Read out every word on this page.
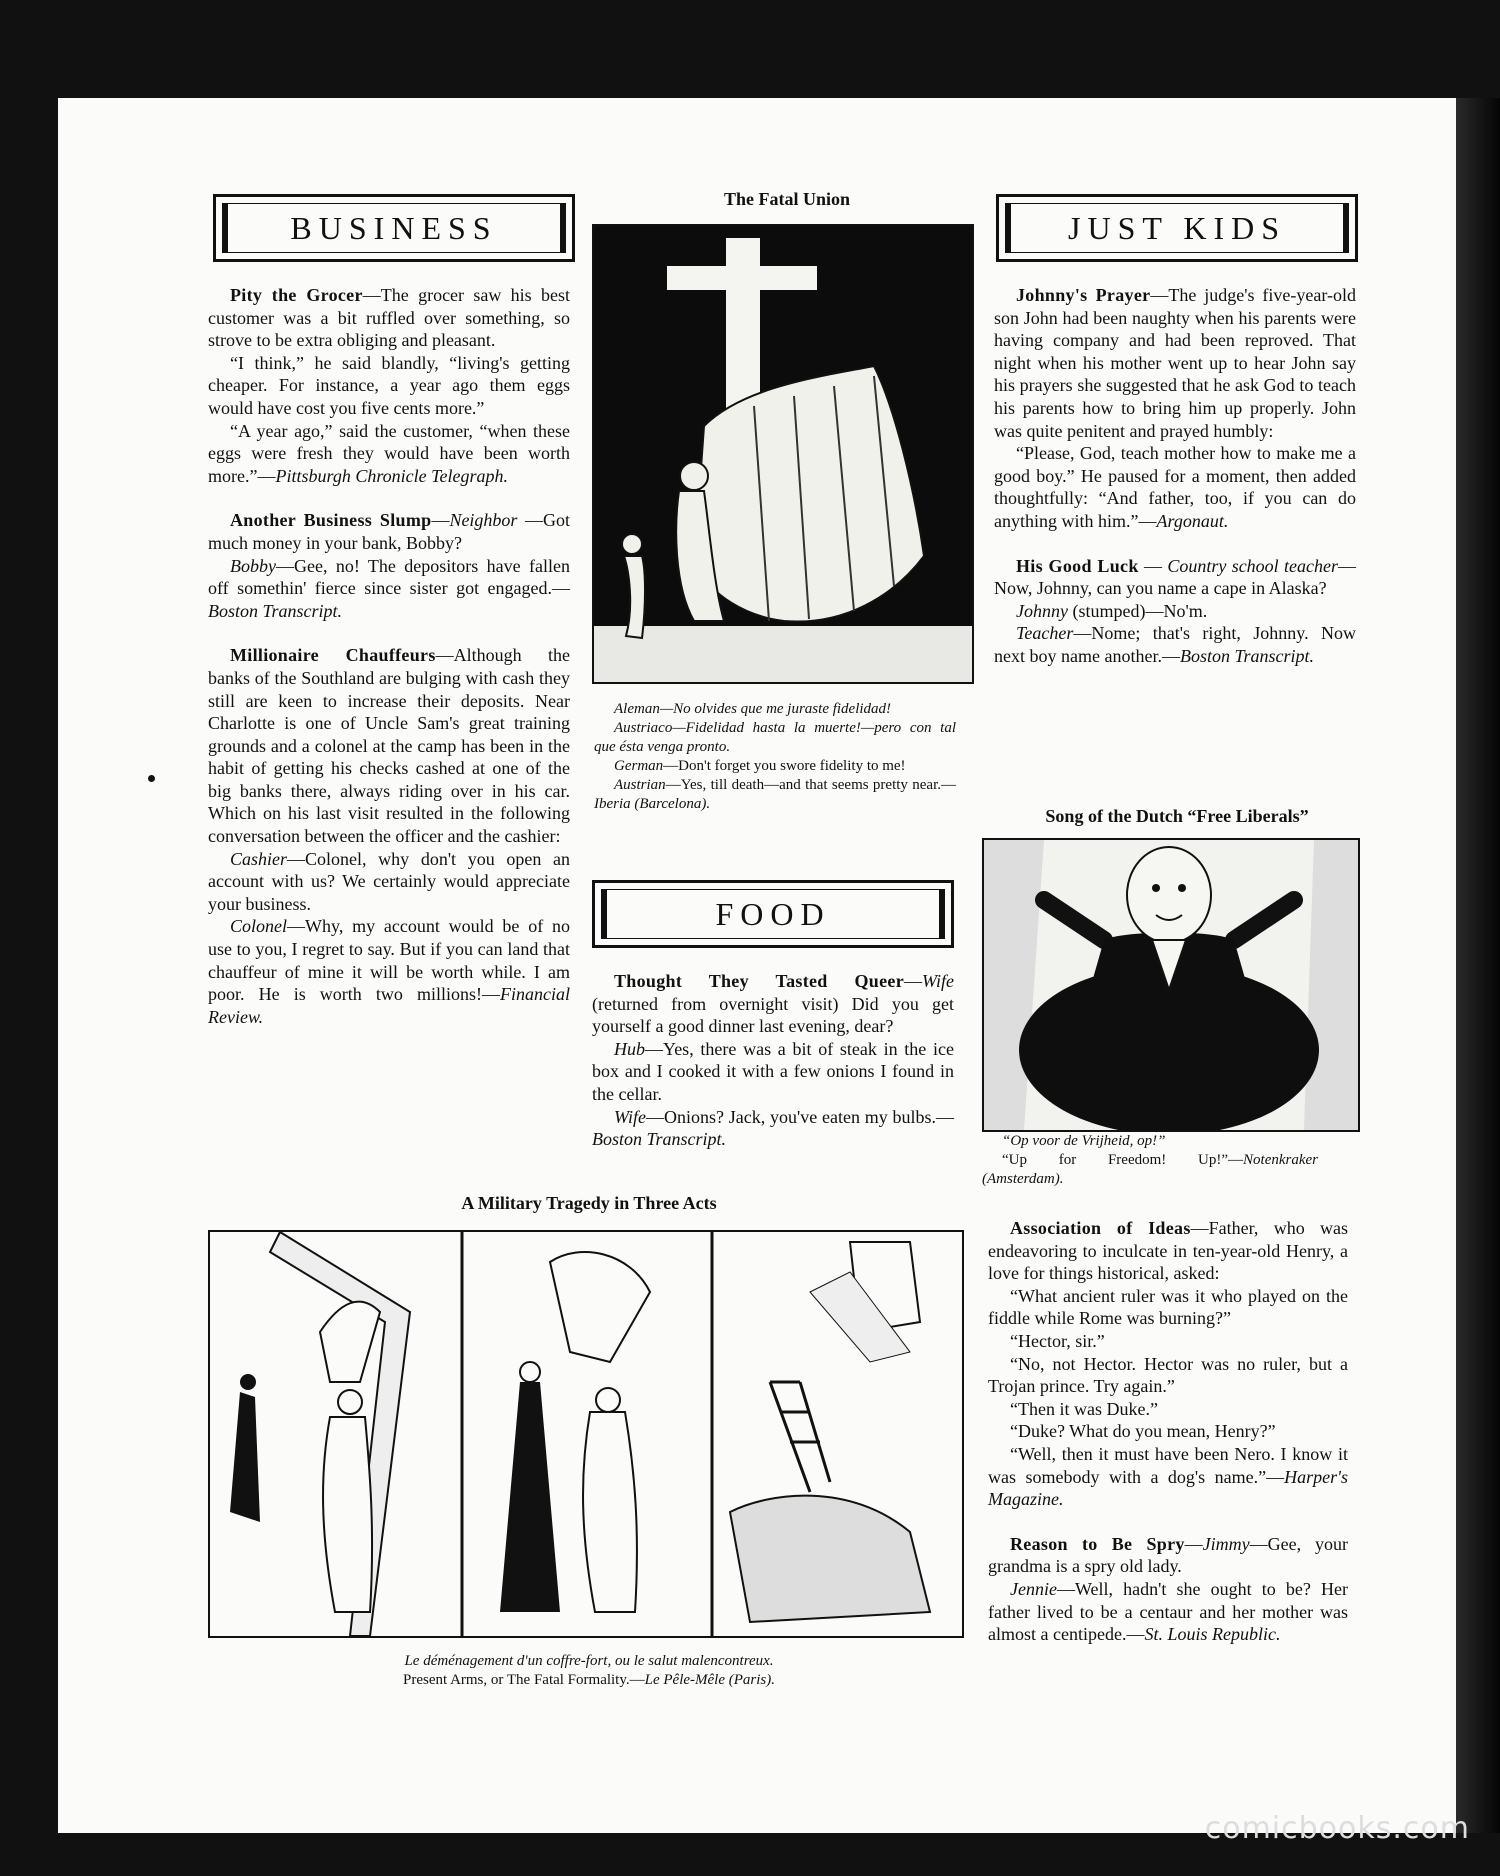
BUSINESS

Pity the Grocer—The grocer saw his best customer was a bit ruffled over something, so strove to be extra obliging and pleasant.

“I think,” he said blandly, “living's getting cheaper. For instance, a year ago them eggs would have cost you five cents more.”

“A year ago,” said the customer, “when these eggs were fresh they would have been worth more.”—Pittsburgh Chronicle Telegraph.

Another Business Slump—Neighbor —Got much money in your bank, Bobby?

Bobby—Gee, no! The depositors have fallen off somethin' fierce since sister got engaged.—Boston Transcript.

Millionaire Chauffeurs—Although the banks of the Southland are bulging with cash they still are keen to increase their deposits. Near Charlotte is one of Uncle Sam's great training grounds and a colonel at the camp has been in the habit of getting his checks cashed at one of the big banks there, always riding over in his car. Which on his last visit resulted in the following conversation between the officer and the cashier:

Cashier—Colonel, why don't you open an account with us? We certainly would appreciate your business.

Colonel—Why, my account would be of no use to you, I regret to say. But if you can land that chauffeur of mine it will be worth while. I am poor. He is worth two millions!—Financial Review.

The Fatal Union

Aleman—No olvides que me juraste fidelidad!

Austriaco—Fidelidad hasta la muerte!—pero con tal que ésta venga pronto.

German—Don't forget you swore fidelity to me!

Austrian—Yes, till death—and that seems pretty near.—Iberia (Barcelona).

FOOD

Thought They Tasted Queer—Wife (returned from overnight visit) Did you get yourself a good dinner last evening, dear?

Hub—Yes, there was a bit of steak in the ice box and I cooked it with a few onions I found in the cellar.

Wife—Onions? Jack, you've eaten my bulbs.—Boston Transcript.

A Military Tragedy in Three Acts
Le déménagement d'un coffre-fort, ou le salut malencontreux.
Present Arms, or The Fatal Formality.—Le Pêle-Mêle (Paris).
JUST KIDS

Johnny's Prayer—The judge's five-year-old son John had been naughty when his parents were having company and had been reproved. That night when his mother went up to hear John say his prayers she suggested that he ask God to teach his parents how to bring him up properly. John was quite penitent and prayed humbly:

“Please, God, teach mother how to make me a good boy.” He paused for a moment, then added thoughtfully: “And father, too, if you can do anything with him.”—Argonaut.

His Good Luck — Country school teacher—Now, Johnny, can you name a cape in Alaska?

Johnny (stumped)—No'm.

Teacher—Nome; that's right, Johnny. Now next boy name another.—Boston Transcript.

Song of the Dutch “Free Liberals”

“Op voor de Vrijheid, op!”

“Up for Freedom! Up!”—Notenkraker (Amsterdam).

Association of Ideas—Father, who was endeavoring to inculcate in ten-year-old Henry, a love for things historical, asked:

“What ancient ruler was it who played on the fiddle while Rome was burning?”

“Hector, sir.”

“No, not Hector. Hector was no ruler, but a Trojan prince. Try again.”

“Then it was Duke.”

“Duke? What do you mean, Henry?”

“Well, then it must have been Nero. I know it was somebody with a dog's name.”—Harper's Magazine.

Reason to Be Spry—Jimmy—Gee, your grandma is a spry old lady.

Jennie—Well, hadn't she ought to be? Her father lived to be a centaur and her mother was almost a centipede.—St. Louis Republic.

comicbooks.com
